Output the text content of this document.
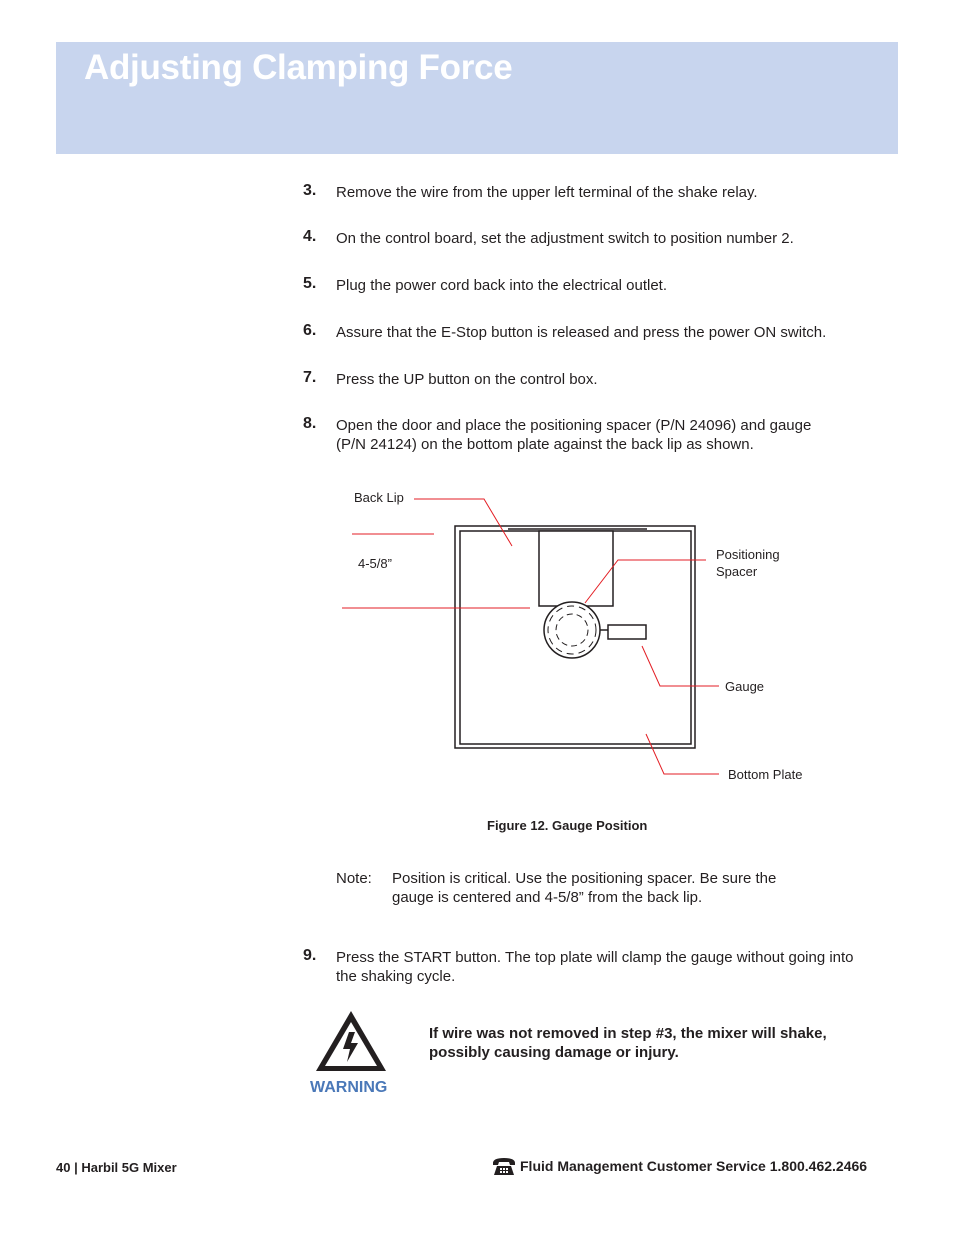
Adjusting Clamping Force
3. Remove the wire from the upper left terminal of the shake relay.
4. On the control board, set the adjustment switch to position number 2.
5. Plug the power cord back into the electrical outlet.
6. Assure that the E-Stop button is released and press the power ON switch.
7. Press the UP button on the control box.
8. Open the door and place the positioning spacer (P/N 24096) and gauge (P/N 24124) on the bottom plate against the back lip as shown.
Back Lip
4-5/8”
Positioning Spacer
Gauge
Bottom Plate
Figure 12. Gauge Position
Note: Position is critical. Use the positioning spacer. Be sure the gauge is centered and 4-5/8” from the back lip.
9. Press the START button. The top plate will clamp the gauge without going into the shaking cycle.
WARNING
If wire was not removed in step #3, the mixer will shake, possibly causing damage or injury.
40 | Harbil 5G Mixer	Fluid Management Customer Service 1.800.462.2466
